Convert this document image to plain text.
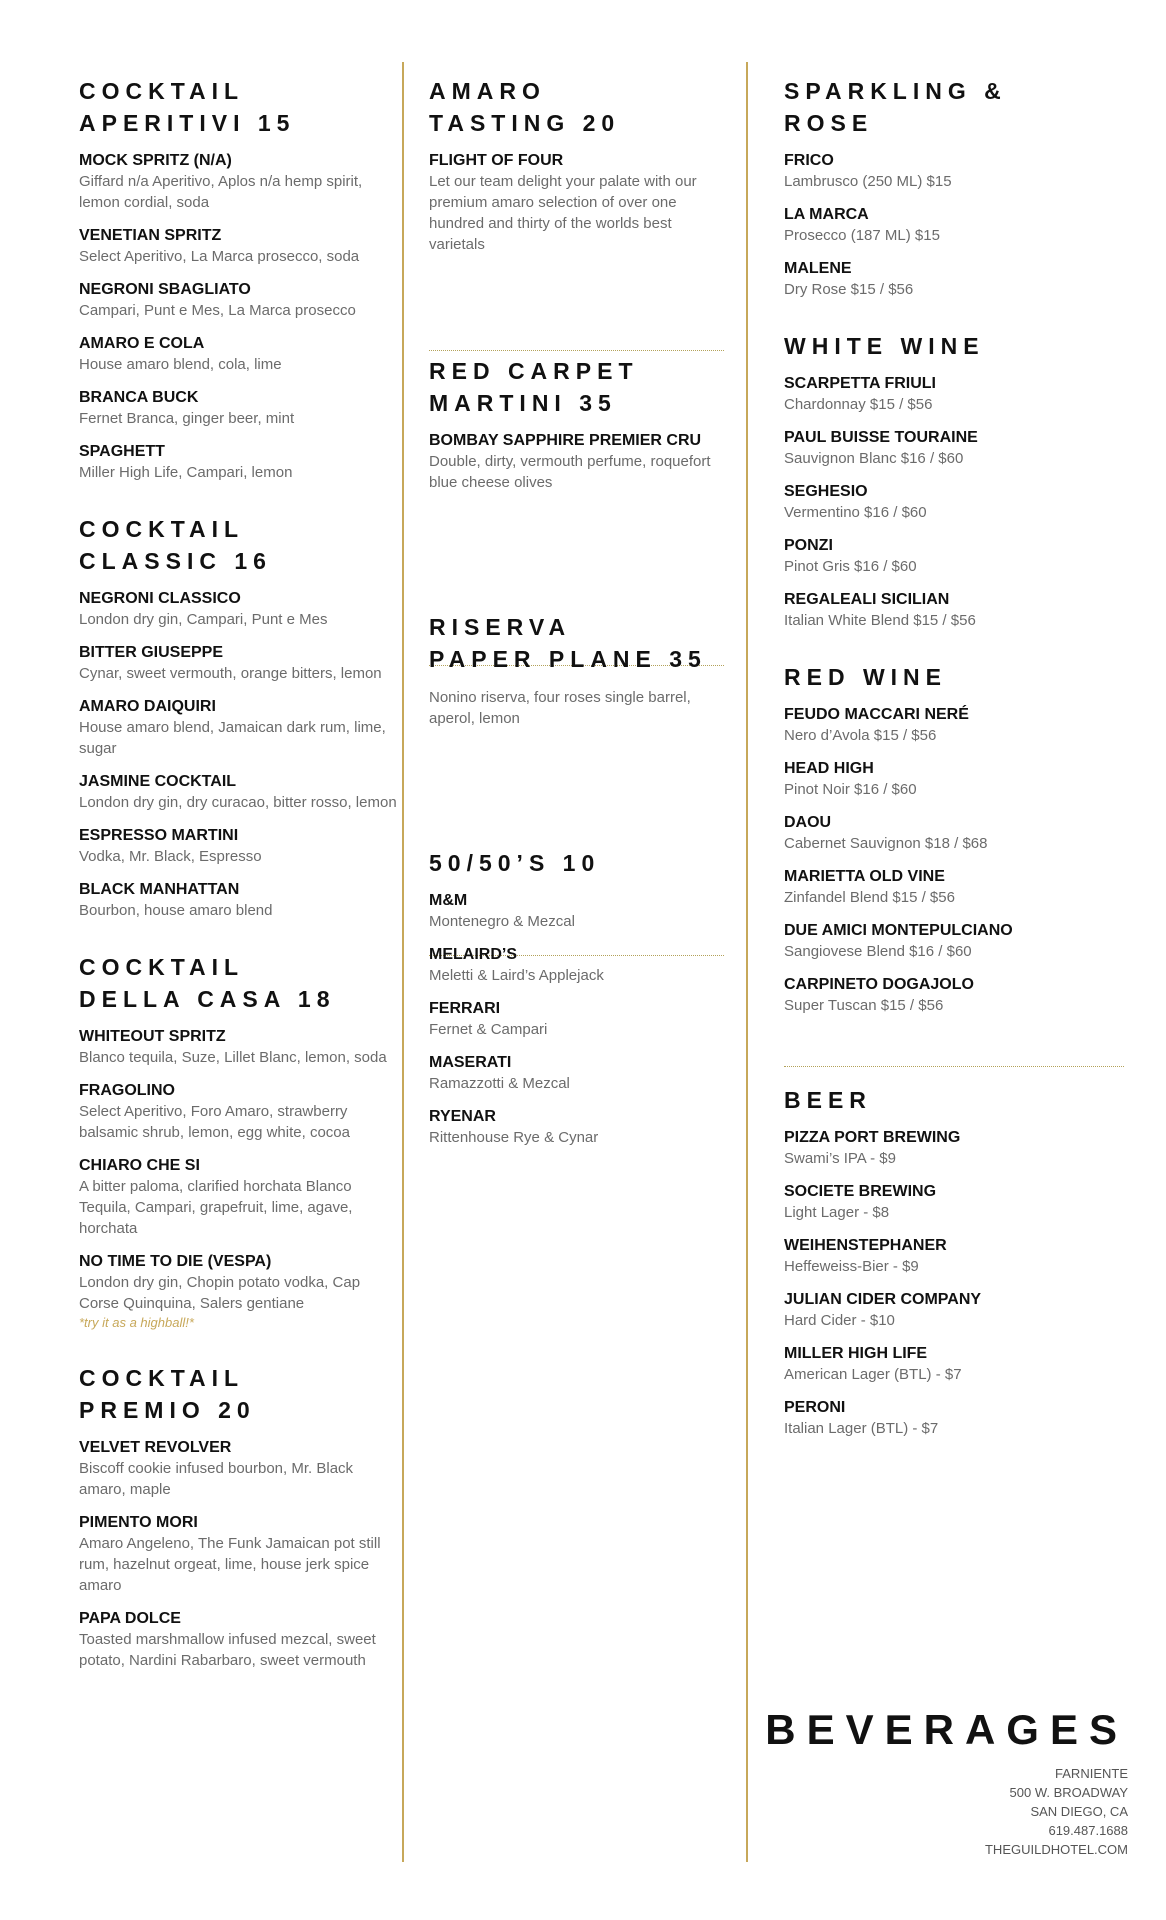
COCKTAIL
APERITIVI 15
MOCK SPRITZ (N/A)
Giffard n/a Aperitivo, Aplos n/a hemp spirit, lemon cordial, soda
VENETIAN SPRITZ
Select Aperitivo, La Marca prosecco, soda
NEGRONI SBAGLIATO
Campari, Punt e Mes, La Marca prosecco
AMARO E COLA
House amaro blend, cola, lime
BRANCA BUCK
Fernet Branca, ginger beer, mint
SPAGHETT
Miller High Life, Campari, lemon
COCKTAIL
CLASSIC 16
NEGRONI CLASSICO
London dry gin, Campari, Punt e Mes
BITTER GIUSEPPE
Cynar, sweet vermouth, orange bitters, lemon
AMARO DAIQUIRI
House amaro blend, Jamaican dark rum, lime, sugar
JASMINE COCKTAIL
London dry gin, dry curacao, bitter rosso, lemon
ESPRESSO MARTINI
Vodka, Mr. Black, Espresso
BLACK MANHATTAN
Bourbon, house amaro blend
COCKTAIL
DELLA CASA 18
WHITEOUT SPRITZ
Blanco tequila, Suze, Lillet Blanc, lemon, soda
FRAGOLINO
Select Aperitivo, Foro Amaro, strawberry balsamic shrub, lemon, egg white, cocoa
CHIARO CHE SI
A bitter paloma, clarified horchata Blanco Tequila, Campari, grapefruit, lime, agave, horchata
NO TIME TO DIE (VESPA)
London dry gin, Chopin potato vodka, Cap Corse Quinquina, Salers gentiane
*try it as a highball!*
COCKTAIL
PREMIO 20
VELVET REVOLVER
Biscoff cookie infused bourbon, Mr. Black amaro, maple
PIMENTO MORI
Amaro Angeleno, The Funk Jamaican pot still rum, hazelnut orgeat, lime, house jerk spice amaro
PAPA DOLCE
Toasted marshmallow infused mezcal, sweet potato, Nardini Rabarbaro, sweet vermouth
AMARO
TASTING 20
FLIGHT OF FOUR
Let our team delight your palate with our premium amaro selection of over one hundred and thirty of the worlds best varietals
RED CARPET
MARTINI 35
BOMBAY SAPPHIRE PREMIER CRU
Double, dirty, vermouth perfume, roquefort blue cheese olives
RISERVA
PAPER PLANE 35
Nonino riserva, four roses single barrel, aperol, lemon
50/50’S 10
M&M
Montenegro & Mezcal
MELAIRD’S
Meletti & Laird’s Applejack
FERRARI
Fernet & Campari
MASERATI
Ramazzotti & Mezcal
RYENAR
Rittenhouse Rye & Cynar
SPARKLING &
ROSE
FRICO
Lambrusco (250 ML) $15
LA MARCA
Prosecco (187 ML) $15
MALENE
Dry Rose $15 / $56
WHITE WINE
SCARPETTA FRIULI
Chardonnay $15 / $56
PAUL BUISSE TOURAINE
Sauvignon Blanc $16 / $60
SEGHESIO
Vermentino $16 / $60
PONZI
Pinot Gris $16 / $60
REGALEALI SICILIAN
Italian White Blend $15 / $56
RED WINE
FEUDO MACCARI NERÉ
Nero d’Avola $15 / $56
HEAD HIGH
Pinot Noir $16 / $60
DAOU
Cabernet Sauvignon $18 / $68
MARIETTA OLD VINE
Zinfandel Blend $15 / $56
DUE AMICI MONTEPULCIANO
Sangiovese Blend $16 / $60
CARPINETO DOGAJOLO
Super Tuscan $15 / $56
BEER
PIZZA PORT BREWING
Swami’s IPA - $9
SOCIETE BREWING
Light Lager - $8
WEIHENSTEPHANER
Heffeweiss-Bier - $9
JULIAN CIDER COMPANY
Hard Cider - $10
MILLER HIGH LIFE
American Lager (BTL) - $7
PERONI
Italian Lager (BTL) - $7
BEVERAGES
FARNIENTE
500 W. BROADWAY
SAN DIEGO, CA
619.487.1688
THEGUILDHOTEL.COM
